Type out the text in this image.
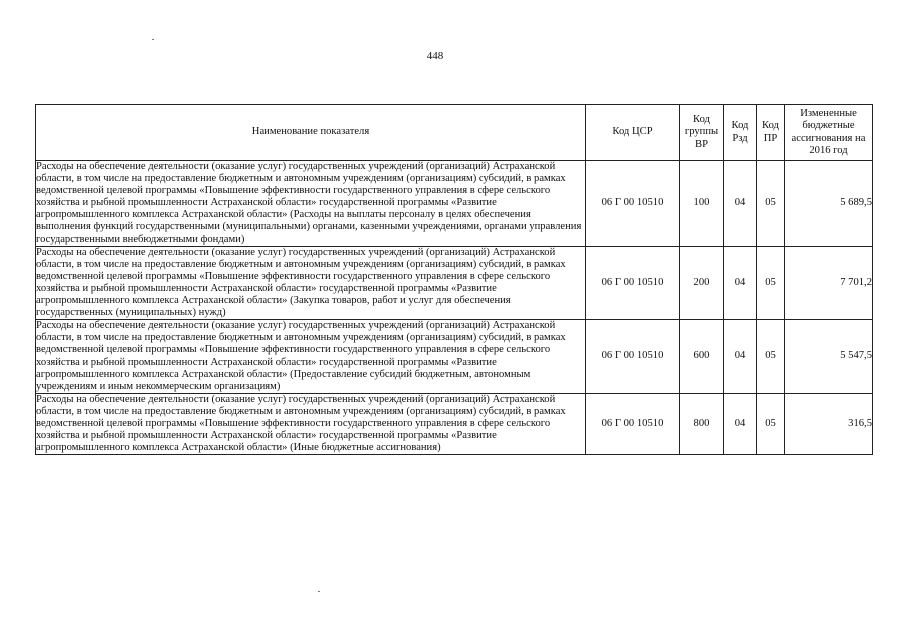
448
Наименование показателя	Код ЦСР	Код группы ВР	Код Рзд	Код ПР	Измененные бюджетные ассигнования на 2016 год
Расходы на обеспечение деятельности (оказание услуг) государственных учреждений (организаций) Астраханской области, в том числе на предоставление бюджетным и автономным учреждениям (организациям) субсидий, в рамках ведомственной целевой программы «Повышение эффективности государственного управления в сфере сельского хозяйства и рыбной промышленности Астраханской области» государственной программы «Развитие агропромышленного комплекса Астраханской области» (Расходы на выплаты персоналу в целях обеспечения выполнения функций государственными (муниципальными) органами, казенными учреждениями, органами управления государственными внебюджетными фондами)	06 Г 00 10510	100	04	05	5 689,5
Расходы на обеспечение деятельности (оказание услуг) государственных учреждений (организаций) Астраханской области, в том числе на предоставление бюджетным и автономным учреждениям (организациям) субсидий, в рамках ведомственной целевой программы «Повышение эффективности государственного управления в сфере сельского хозяйства и рыбной промышленности Астраханской области» государственной программы «Развитие агропромышленного комплекса Астраханской области» (Закупка товаров, работ и услуг для обеспечения государственных (муниципальных) нужд)	06 Г 00 10510	200	04	05	7 701,2
Расходы на обеспечение деятельности (оказание услуг) государственных учреждений (организаций) Астраханской области, в том числе на предоставление бюджетным и автономным учреждениям (организациям) субсидий, в рамках ведомственной целевой программы «Повышение эффективности государственного управления в сфере сельского хозяйства и рыбной промышленности Астраханской области» государственной программы «Развитие агропромышленного комплекса Астраханской области» (Предоставление субсидий бюджетным, автономным учреждениям и иным некоммерческим организациям)	06 Г 00 10510	600	04	05	5 547,5
Расходы на обеспечение деятельности (оказание услуг) государственных учреждений (организаций) Астраханской области, в том числе на предоставление бюджетным и автономным учреждениям (организациям) субсидий, в рамках ведомственной целевой программы «Повышение эффективности государственного управления в сфере сельского хозяйства и рыбной промышленности Астраханской области» государственной программы «Развитие агропромышленного комплекса Астраханской области» (Иные бюджетные ассигнования)	06 Г 00 10510	800	04	05	316,5
